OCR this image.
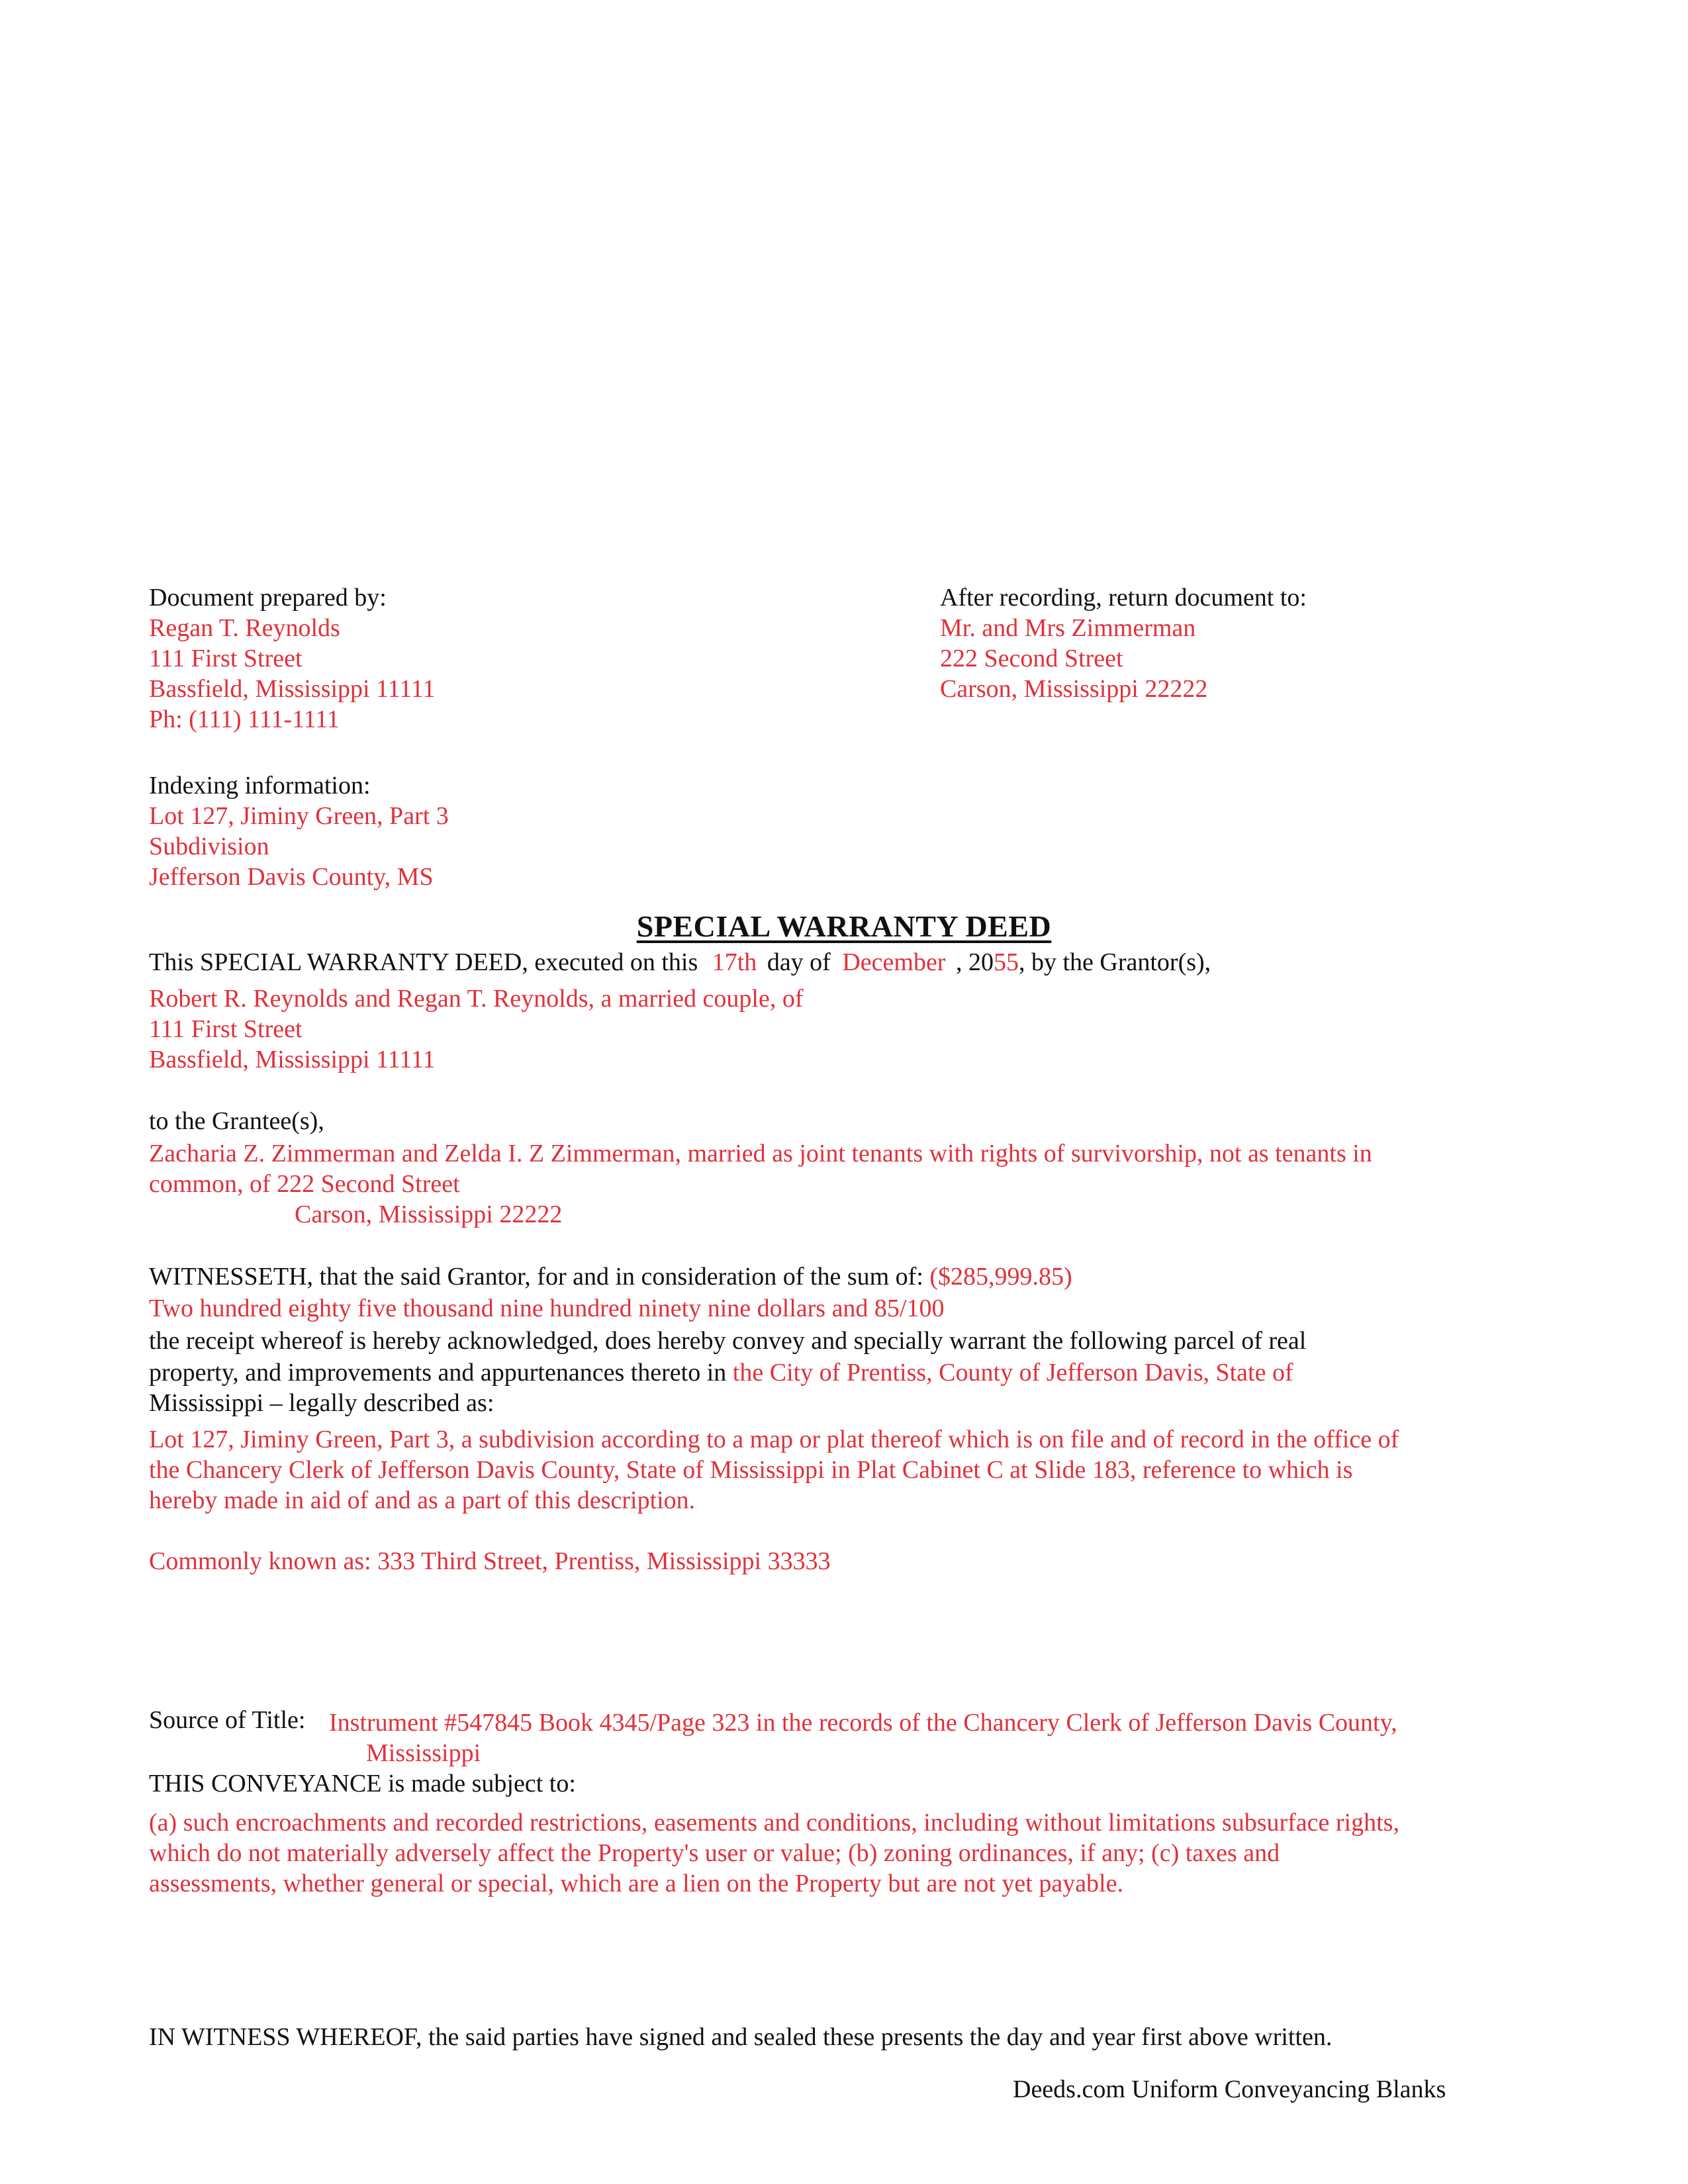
Document prepared by:
Regan T. Reynolds
111 First Street
Bassfield, Mississippi 11111
Ph: (111) 111-1111
After recording, return document to:
Mr. and Mrs Zimmerman
222 Second Street
Carson, Mississippi 22222
Indexing information:
Lot 127, Jiminy Green, Part 3
Subdivision
Jefferson Davis County, MS
SPECIAL WARRANTY DEED
This SPECIAL WARRANTY DEED, executed on this 17th day of December , 2055, by the Grantor(s),
Robert R. Reynolds and Regan T. Reynolds, a married couple, of
111 First Street
Bassfield, Mississippi 11111
to the Grantee(s),
Zacharia Z. Zimmerman and Zelda I. Z Zimmerman, married as joint tenants with rights of survivorship, not as tenants in
common, of 222 Second Street
Carson, Mississippi 22222
WITNESSETH, that the said Grantor, for and in consideration of the sum of: ($285,999.85)
Two hundred eighty five thousand nine hundred ninety nine dollars and 85/100
the receipt whereof is hereby acknowledged, does hereby convey and specially warrant the following parcel of real
property, and improvements and appurtenances thereto in the City of Prentiss, County of Jefferson Davis, State of
Mississippi – legally described as:
Lot 127, Jiminy Green, Part 3, a subdivision according to a map or plat thereof which is on file and of record in the office of
the Chancery Clerk of Jefferson Davis County, State of Mississippi in Plat Cabinet C at Slide 183, reference to which is
hereby made in aid of and as a part of this description.
Commonly known as: 333 Third Street, Prentiss, Mississippi 33333
Source of Title: Instrument #547845 Book 4345/Page 323 in the records of the Chancery Clerk of Jefferson Davis County,
Mississippi
THIS CONVEYANCE is made subject to:
(a) such encroachments and recorded restrictions, easements and conditions, including without limitations subsurface rights,
which do not materially adversely affect the Property's user or value; (b) zoning ordinances, if any; (c) taxes and
assessments, whether general or special, which are a lien on the Property but are not yet payable.
IN WITNESS WHEREOF, the said parties have signed and sealed these presents the day and year first above written.
Deeds.com Uniform Conveyancing Blanks
